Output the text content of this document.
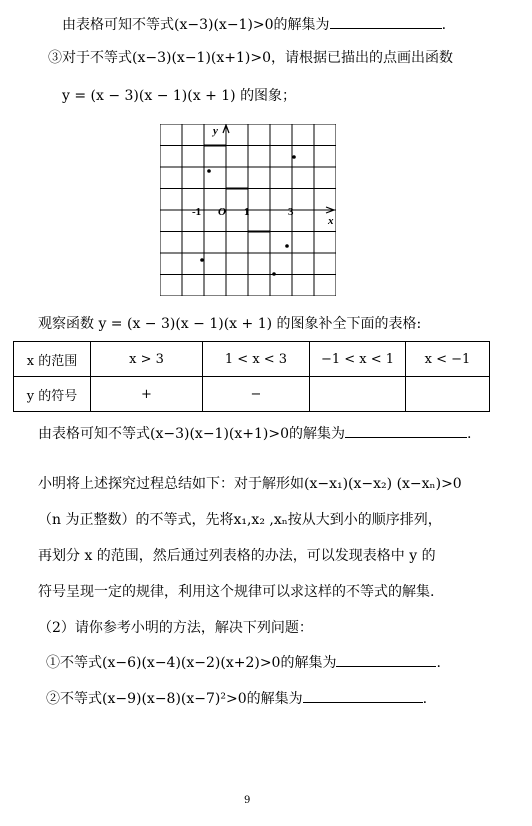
由表格可知不等式(x−3)(x−1)>0的解集为	.
③对于不等式(x−3)(x−1)(x+1)>0，请根据已描出的点画出函数
y = (x − 3)(x − 1)(x + 1) 的图象；
y
x
O
-1	1	3
观察函数 y = (x − 3)(x − 1)(x + 1) 的图象补全下面的表格:
x 的范围	x > 3	1 < x < 3	−1 < x < 1	x < −1
y 的符号	+	−		
由表格可知不等式(x−3)(x−1)(x+1)>0的解集为	.
小明将上述探究过程总结如下：对于解形如(x−x₁)(x−x₂) (x−xₙ)>0
（n 为正整数）的不等式，先将x₁,x₂ ,xₙ按从大到小的顺序排列，
再划分 x 的范围，然后通过列表格的办法，可以发现表格中 y 的
符号呈现一定的规律，利用这个规律可以求这样的不等式的解集.
（2）请你参考小明的方法，解决下列问题：
①不等式(x−6)(x−4)(x−2)(x+2)>0的解集为	.
②不等式(x−9)(x−8)(x−7)²>0的解集为	.
9
